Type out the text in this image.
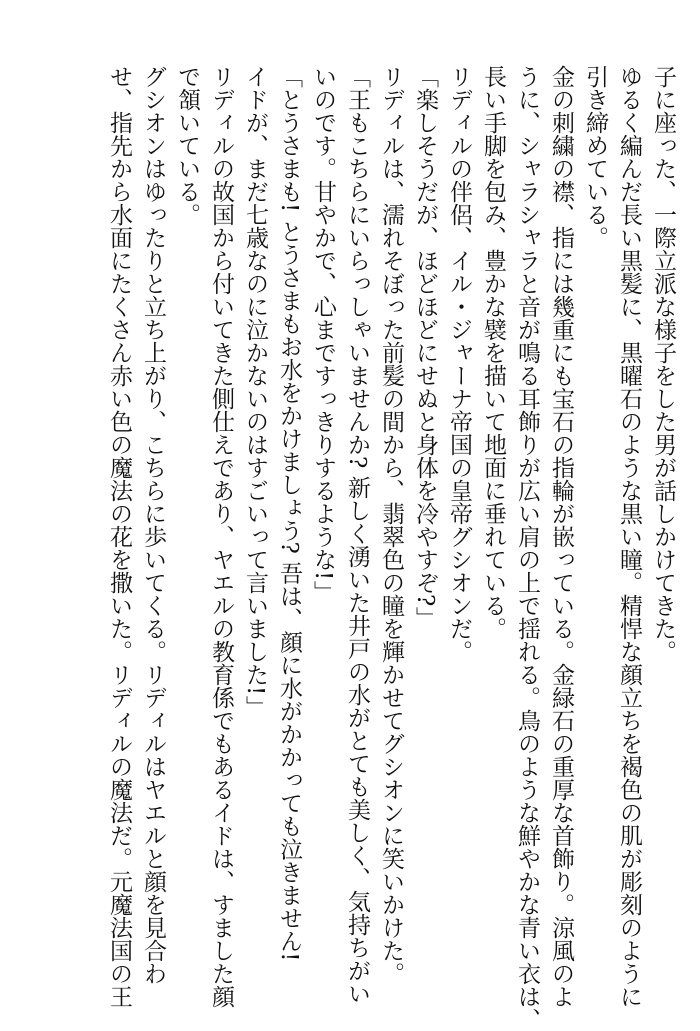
子に座った、一際立派な様子をした男が話しかけてきた。
ゆるく編んだ長い黒髪に、黒曜石のような黒い瞳。精悍な顔立ちを褐色の肌が彫刻のように
引き締めている。
金の刺繍の襟、指には幾重にも宝石の指輪が嵌っている。金緑石の重厚な首飾り。涼風のよ
うに、シャラシャラと音が鳴る耳飾りが広い肩の上で揺れる。鳥のような鮮やかな青い衣は、
長い手脚を包み、豊かな襞を描いて地面に垂れている。
リディルの伴侶、イル・ジャーナ帝国の皇帝グシオンだ。
「楽しそうだが、ほどほどにせぬと身体を冷やすぞ?」
リディルは、濡れそぼった前髪の間から、翡翠色の瞳を輝かせてグシオンに笑いかけた。
「王もこちらにいらっしゃいませんか? 新しく湧いた井戸の水がとても美しく、気持ちがい
いのです。甘やかで、心まですっきりするような!」
「とうさまも! とうさまもお水をかけましょう? 吾は、顔に水がかかっても泣きません!
イドが、まだ七歳なのに泣かないのはすごいって言いました!」
リディルの故国から付いてきた側仕えであり、ヤエルの教育係でもあるイドは、すました顔
で頷いている。
グシオンはゆったりと立ち上がり、こちらに歩いてくる。リディルはヤエルと顔を見合わ
せ、指先から水面にたくさん赤い色の魔法の花を撒いた。リディルの魔法だ。元魔法国の王
